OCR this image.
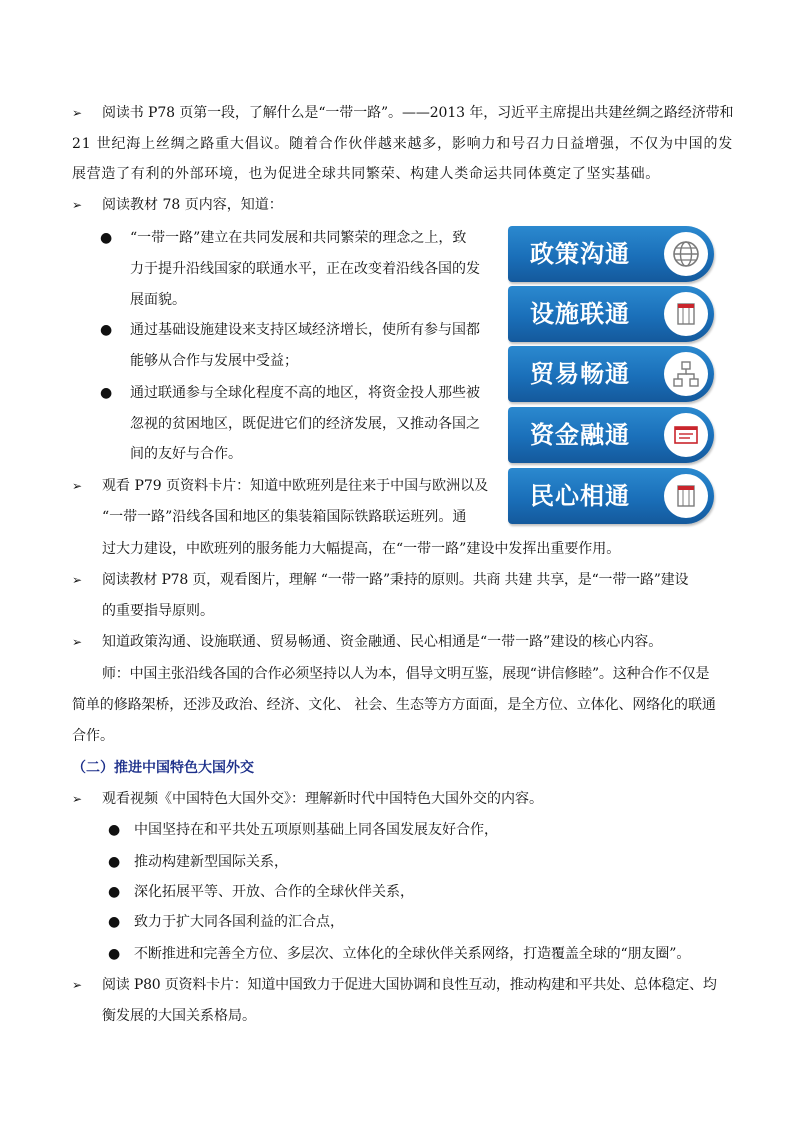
➢
➢
➢
➢
➢
➢
➢
●
●
●
●
●
●
●
●
阅读书 P78 页第一段，了解什么是“一带一路”。——2013 年，习近平主席提出共建丝绸之路经济带和
21 世纪海上丝绸之路重大倡议。随着合作伙伴越来越多，影响力和号召力日益增强，不仅为中国的发
展营造了有利的外部环境，也为促进全球共同繁荣、构建人类命运共同体奠定了坚实基础。
阅读教材 78 页内容，知道：
“一带一路”建立在共同发展和共同繁荣的理念之上，致
力于提升沿线国家的联通水平，正在改变着沿线各国的发
展面貌。
通过基础设施建设来支持区域经济增长，使所有参与国都
能够从合作与发展中受益；
通过联通参与全球化程度不高的地区，将资金投人那些被
忽视的贫困地区，既促进它们的经济发展，又推动各国之
间的友好与合作。
观看 P79 页资料卡片：知道中欧班列是往来于中国与欧洲以及
“一带一路”沿线各国和地区的集装箱国际铁路联运班列。通
过大力建设，中欧班列的服务能力大幅提高，在“一带一路”建设中发挥出重要作用。
阅读教材 P78 页，观看图片，理解 “一带一路”秉持的原则。共商 共建 共享，是“一带一路”建设
的重要指导原则。
知道政策沟通、设施联通、贸易畅通、资金融通、民心相通是“一带一路”建设的核心内容。
师：中国主张沿线各国的合作必须坚持以人为本，倡导文明互鉴，展现“讲信修睦”。这种合作不仅是
简单的修路架桥，还涉及政治、经济、文化、 社会、生态等方方面面，是全方位、立体化、网络化的联通
合作。
（二）推进中国特色大国外交
观看视频《中国特色大国外交》：理解新时代中国特色大国外交的内容。
中国坚持在和平共处五项原则基础上同各国发展友好合作，
推动构建新型国际关系，
深化拓展平等、开放、合作的全球伙伴关系，
致力于扩大同各国利益的汇合点，
不断推进和完善全方位、多层次、立体化的全球伙伴关系网络，打造覆盖全球的“朋友圈”。
阅读 P80 页资料卡片：知道中国致力于促进大国协调和良性互动，推动构建和平共处、总体稳定、均
衡发展的大国关系格局。
政策沟通
设施联通
贸易畅通
资金融通
民心相通
